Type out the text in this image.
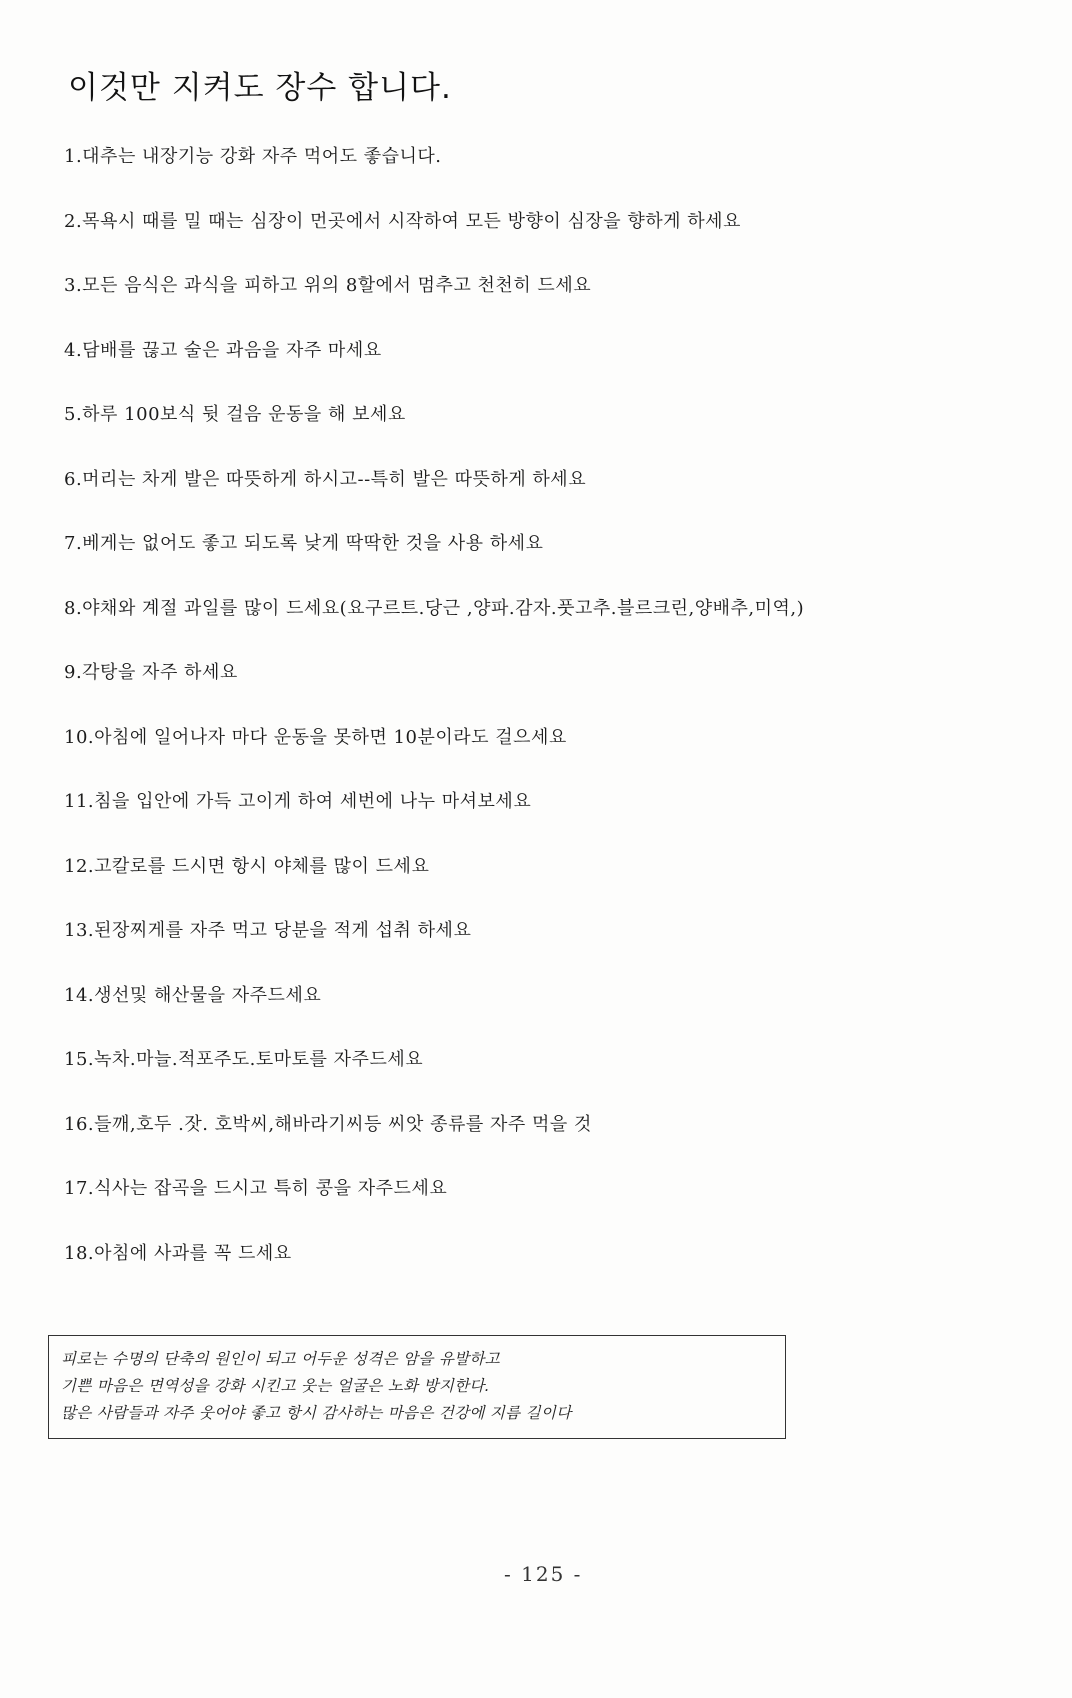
이것만 지켜도 장수 합니다.
1.대추는 내장기능 강화 자주 먹어도 좋습니다.
2.목욕시 때를 밀 때는 심장이 먼곳에서 시작하여 모든 방향이 심장을 향하게 하세요
3.모든 음식은 과식을 피하고 위의 8할에서 멈추고 천천히 드세요
4.담배를 끊고 술은 과음을 자주 마세요
5.하루 100보식 뒷 걸음 운동을 해 보세요
6.머리는 차게 발은 따뜻하게 하시고--특히 발은 따뜻하게 하세요
7.베게는 없어도 좋고 되도록 낮게 딱딱한 것을 사용 하세요
8.야채와 계절 과일를 많이 드세요(요구르트.당근 ,양파.감자.풋고추.블르크린,양배추,미역,)
9.각탕을 자주 하세요
10.아침에 일어나자 마다 운동을 못하면 10분이라도 걸으세요
11.침을 입안에 가득 고이게 하여 세번에 나누 마셔보세요
12.고칼로를 드시면 항시 야체를 많이 드세요
13.된장찌게를 자주 먹고 당분을 적게 섭취 하세요
14.생선및 해산물을 자주드세요
15.녹차.마늘.적포주도.토마토를 자주드세요
16.들깨,호두 .잣. 호박씨,해바라기씨등 씨앗 종류를 자주 먹을 것
17.식사는 잡곡을 드시고 특히 콩을 자주드세요
18.아침에 사과를 꼭 드세요
피로는 수명의 단축의 원인이 되고 어두운 성격은 암을 유발하고
기쁜 마음은 면역성을 강화 시킨고 웃는 얼굴은 노화 방지한다.
많은 사람들과 자주 웃어야 좋고 항시 감사하는 마음은 건강에 지름 길이다
- 125 -
